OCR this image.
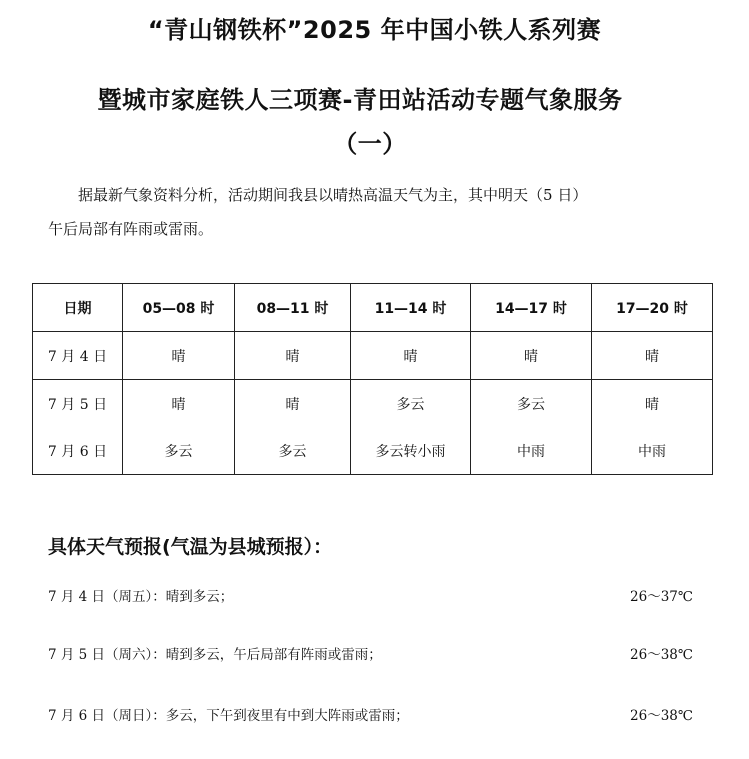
“青山钢铁杯”2025 年中国小铁人系列赛
暨城市家庭铁人三项赛-青田站活动专题气象服务
（一）
据最新气象资料分析，活动期间我县以晴热高温天气为主，其中明天（5 日）
午后局部有阵雨或雷雨。
日期	05—08 时	08—11 时	11—14 时	14—17 时	17—20 时
7 月 4 日	晴	晴	晴	晴	晴
7 月 5 日	晴	晴	多云	多云	晴
7 月 6 日	多云	多云	多云转小雨	中雨	中雨
具体天气预报(气温为县城预报）：
7 月 4 日（周五）：晴到多云；	26～37℃
7 月 5 日（周六）：晴到多云，午后局部有阵雨或雷雨；	26～38℃
7 月 6 日（周日）：多云，下午到夜里有中到大阵雨或雷雨；	26～38℃
